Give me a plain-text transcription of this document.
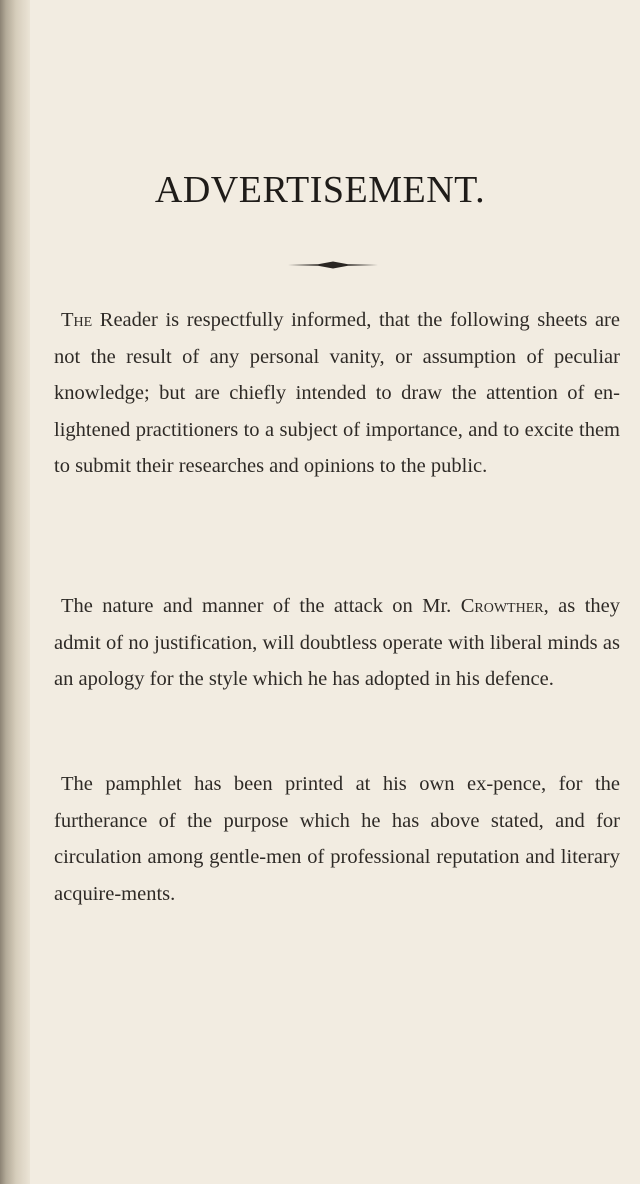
ADVERTISEMENT.

The Reader is respectfully informed, that the following sheets are not the result of any personal vanity, or assumption of peculiar knowledge; but are chiefly intended to draw the attention of en-lightened practitioners to a subject of importance, and to excite them to submit their researches and opinions to the public.

The nature and manner of the attack on Mr. Crowther, as they admit of no justification, will doubtless operate with liberal minds as an apology for the style which he has adopted in his defence.

The pamphlet has been printed at his own ex-pence, for the furtherance of the purpose which he has above stated, and for circulation among gentle-men of professional reputation and literary acquire-ments.
